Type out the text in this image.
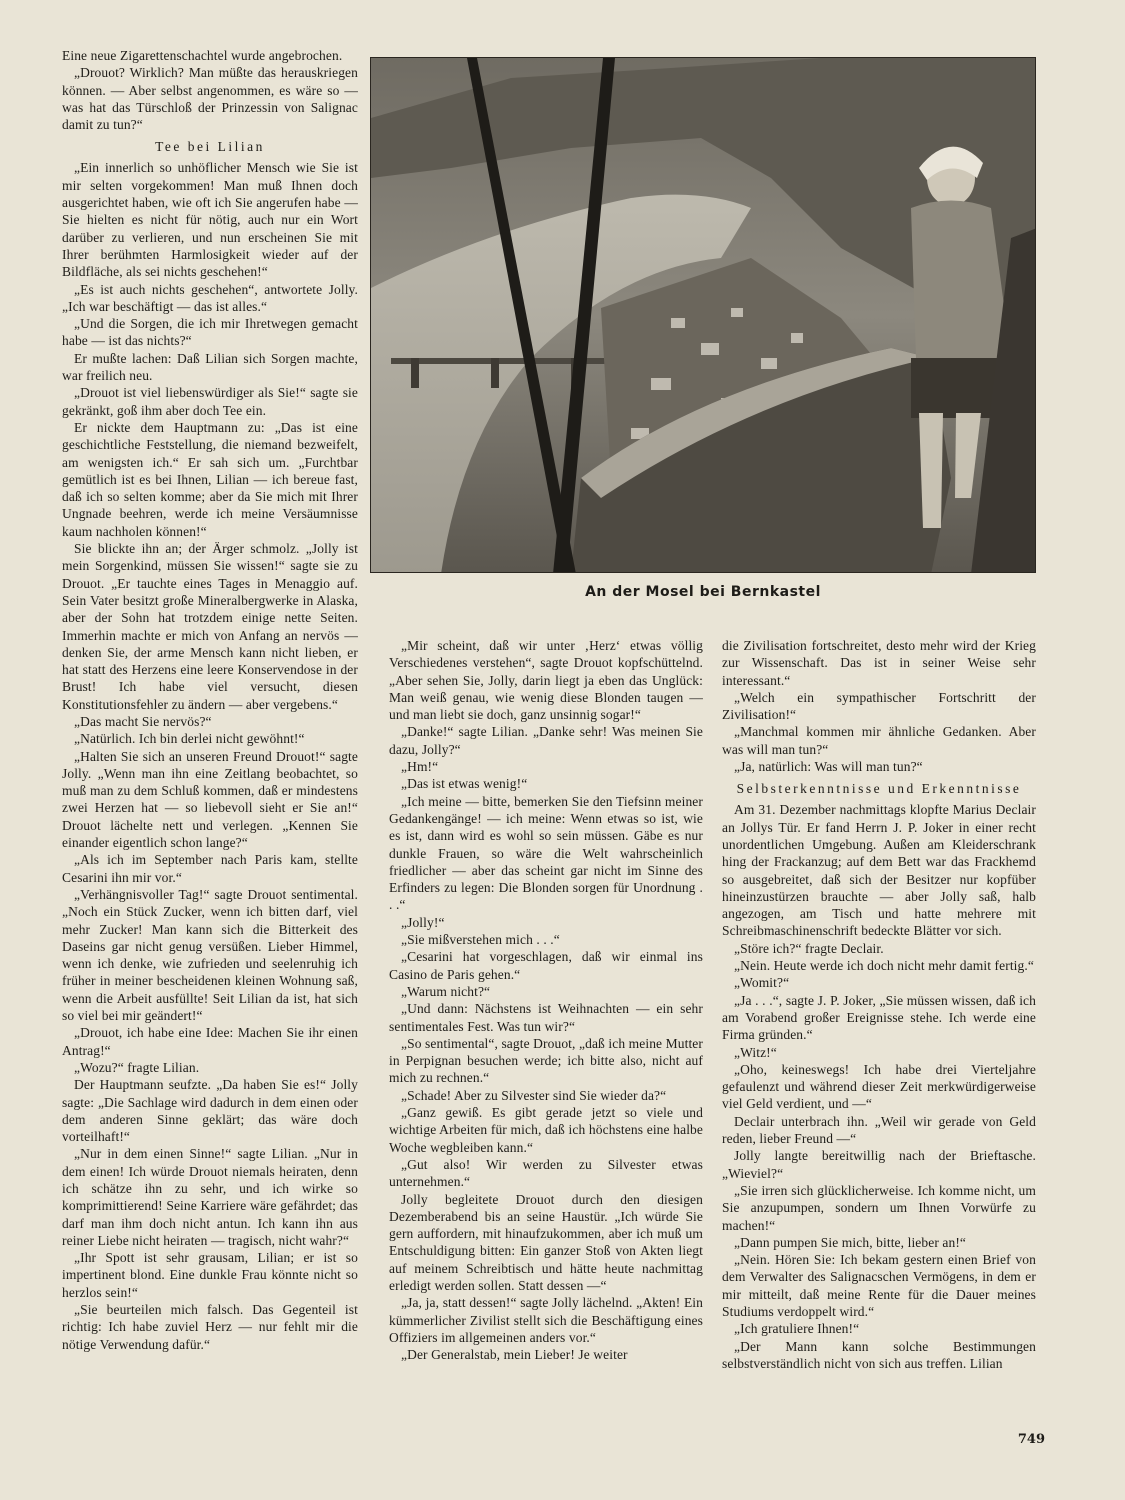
Eine neue Zigarettenschachtel wurde angebrochen.

„Drouot? Wirklich? Man müßte das herauskriegen können. — Aber selbst angenommen, es wäre so — was hat das Türschloß der Prinzessin von Salignac damit zu tun?“

Tee bei Lilian

„Ein innerlich so unhöflicher Mensch wie Sie ist mir selten vorgekommen! Man muß Ihnen doch ausgerichtet haben, wie oft ich Sie angerufen habe — Sie hielten es nicht für nötig, auch nur ein Wort darüber zu verlieren, und nun erscheinen Sie mit Ihrer berühmten Harmlosigkeit wieder auf der Bildfläche, als sei nichts geschehen!“

„Es ist auch nichts geschehen“, antwortete Jolly. „Ich war beschäftigt — das ist alles.“

„Und die Sorgen, die ich mir Ihretwegen gemacht habe — ist das nichts?“

Er mußte lachen: Daß Lilian sich Sorgen machte, war freilich neu.

„Drouot ist viel liebenswürdiger als Sie!“ sagte sie gekränkt, goß ihm aber doch Tee ein.

Er nickte dem Hauptmann zu: „Das ist eine geschichtliche Feststellung, die niemand bezweifelt, am wenigsten ich.“ Er sah sich um. „Furchtbar gemütlich ist es bei Ihnen, Lilian — ich bereue fast, daß ich so selten komme; aber da Sie mich mit Ihrer Ungnade beehren, werde ich meine Versäumnisse kaum nachholen können!“

Sie blickte ihn an; der Ärger schmolz. „Jolly ist mein Sorgenkind, müssen Sie wissen!“ sagte sie zu Drouot. „Er tauchte eines Tages in Menaggio auf. Sein Vater besitzt große Mineralbergwerke in Alaska, aber der Sohn hat trotzdem einige nette Seiten. Immerhin machte er mich von Anfang an nervös — denken Sie, der arme Mensch kann nicht lieben, er hat statt des Herzens eine leere Konservendose in der Brust! Ich habe viel versucht, diesen Konstitutionsfehler zu ändern — aber vergebens.“

„Das macht Sie nervös?“

„Natürlich. Ich bin derlei nicht gewöhnt!“

„Halten Sie sich an unseren Freund Drouot!“ sagte Jolly. „Wenn man ihn eine Zeitlang beobachtet, so muß man zu dem Schluß kommen, daß er mindestens zwei Herzen hat — so liebevoll sieht er Sie an!“ Drouot lächelte nett und verlegen. „Kennen Sie einander eigentlich schon lange?“

„Als ich im September nach Paris kam, stellte Cesarini ihn mir vor.“

„Verhängnisvoller Tag!“ sagte Drouot sentimental. „Noch ein Stück Zucker, wenn ich bitten darf, viel mehr Zucker! Man kann sich die Bitterkeit des Daseins gar nicht genug versüßen. Lieber Himmel, wenn ich denke, wie zufrieden und seelenruhig ich früher in meiner bescheidenen kleinen Wohnung saß, wenn die Arbeit ausfüllte! Seit Lilian da ist, hat sich so viel bei mir geändert!“

„Drouot, ich habe eine Idee: Machen Sie ihr einen Antrag!“

„Wozu?“ fragte Lilian.

Der Hauptmann seufzte. „Da haben Sie es!“ Jolly sagte: „Die Sachlage wird dadurch in dem einen oder dem anderen Sinne geklärt; das wäre doch vorteilhaft!“

„Nur in dem einen Sinne!“ sagte Lilian. „Nur in dem einen! Ich würde Drouot niemals heiraten, denn ich schätze ihn zu sehr, und ich wirke so komprimittierend! Seine Karriere wäre gefährdet; das darf man ihm doch nicht antun. Ich kann ihn aus reiner Liebe nicht heiraten — tragisch, nicht wahr?“

„Ihr Spott ist sehr grausam, Lilian; er ist so impertinent blond. Eine dunkle Frau könnte nicht so herzlos sein!“

„Sie beurteilen mich falsch. Das Gegenteil ist richtig: Ich habe zuviel Herz — nur fehlt mir die nötige Verwendung dafür.“

An der Mosel bei Bernkastel

„Mir scheint, daß wir unter ‚Herz‘ etwas völlig Verschiedenes verstehen“, sagte Drouot kopfschüttelnd. „Aber sehen Sie, Jolly, darin liegt ja eben das Unglück: Man weiß genau, wie wenig diese Blonden taugen — und man liebt sie doch, ganz unsinnig sogar!“

„Danke!“ sagte Lilian. „Danke sehr! Was meinen Sie dazu, Jolly?“

„Hm!“

„Das ist etwas wenig!“

„Ich meine — bitte, bemerken Sie den Tiefsinn meiner Gedankengänge! — ich meine: Wenn etwas so ist, wie es ist, dann wird es wohl so sein müssen. Gäbe es nur dunkle Frauen, so wäre die Welt wahrscheinlich friedlicher — aber das scheint gar nicht im Sinne des Erfinders zu legen: Die Blonden sorgen für Unordnung . . .“

„Jolly!“

„Sie mißverstehen mich . . .“

„Cesarini hat vorgeschlagen, daß wir einmal ins Casino de Paris gehen.“

„Warum nicht?“

„Und dann: Nächstens ist Weihnachten — ein sehr sentimentales Fest. Was tun wir?“

„So sentimental“, sagte Drouot, „daß ich meine Mutter in Perpignan besuchen werde; ich bitte also, nicht auf mich zu rechnen.“

„Schade! Aber zu Silvester sind Sie wieder da?“

„Ganz gewiß. Es gibt gerade jetzt so viele und wichtige Arbeiten für mich, daß ich höchstens eine halbe Woche wegbleiben kann.“

„Gut also! Wir werden zu Silvester etwas unternehmen.“

Jolly begleitete Drouot durch den diesigen Dezemberabend bis an seine Haustür. „Ich würde Sie gern auffordern, mit hinaufzukommen, aber ich muß um Entschuldigung bitten: Ein ganzer Stoß von Akten liegt auf meinem Schreibtisch und hätte heute nachmittag erledigt werden sollen. Statt dessen —“

„Ja, ja, statt dessen!“ sagte Jolly lächelnd. „Akten! Ein kümmerlicher Zivilist stellt sich die Beschäftigung eines Offiziers im allgemeinen anders vor.“

„Der Generalstab, mein Lieber! Je weiter

die Zivilisation fortschreitet, desto mehr wird der Krieg zur Wissenschaft. Das ist in seiner Weise sehr interessant.“

„Welch ein sympathischer Fortschritt der Zivilisation!“

„Manchmal kommen mir ähnliche Gedanken. Aber was will man tun?“

„Ja, natürlich: Was will man tun?“

Selbsterkenntnisse und Erkenntnisse

Am 31. Dezember nachmittags klopfte Marius Declair an Jollys Tür. Er fand Herrn J. P. Joker in einer recht unordentlichen Umgebung. Außen am Kleiderschrank hing der Frackanzug; auf dem Bett war das Frackhemd so ausgebreitet, daß sich der Besitzer nur kopfüber hineinzustürzen brauchte — aber Jolly saß, halb angezogen, am Tisch und hatte mehrere mit Schreibmaschinenschrift bedeckte Blätter vor sich.

„Störe ich?“ fragte Declair.

„Nein. Heute werde ich doch nicht mehr damit fertig.“

„Womit?“

„Ja . . .“, sagte J. P. Joker, „Sie müssen wissen, daß ich am Vorabend großer Ereignisse stehe. Ich werde eine Firma gründen.“

„Witz!“

„Oho, keineswegs! Ich habe drei Vierteljahre gefaulenzt und während dieser Zeit merkwürdigerweise viel Geld verdient, und —“

Declair unterbrach ihn. „Weil wir gerade von Geld reden, lieber Freund —“

Jolly langte bereitwillig nach der Brieftasche. „Wieviel?“

„Sie irren sich glücklicherweise. Ich komme nicht, um Sie anzupumpen, sondern um Ihnen Vorwürfe zu machen!“

„Dann pumpen Sie mich, bitte, lieber an!“

„Nein. Hören Sie: Ich bekam gestern einen Brief von dem Verwalter des Salignacschen Vermögens, in dem er mir mitteilt, daß meine Rente für die Dauer meines Studiums verdoppelt wird.“

„Ich gratuliere Ihnen!“

„Der Mann kann solche Bestimmungen selbstverständlich nicht von sich aus treffen. Lilian

749
